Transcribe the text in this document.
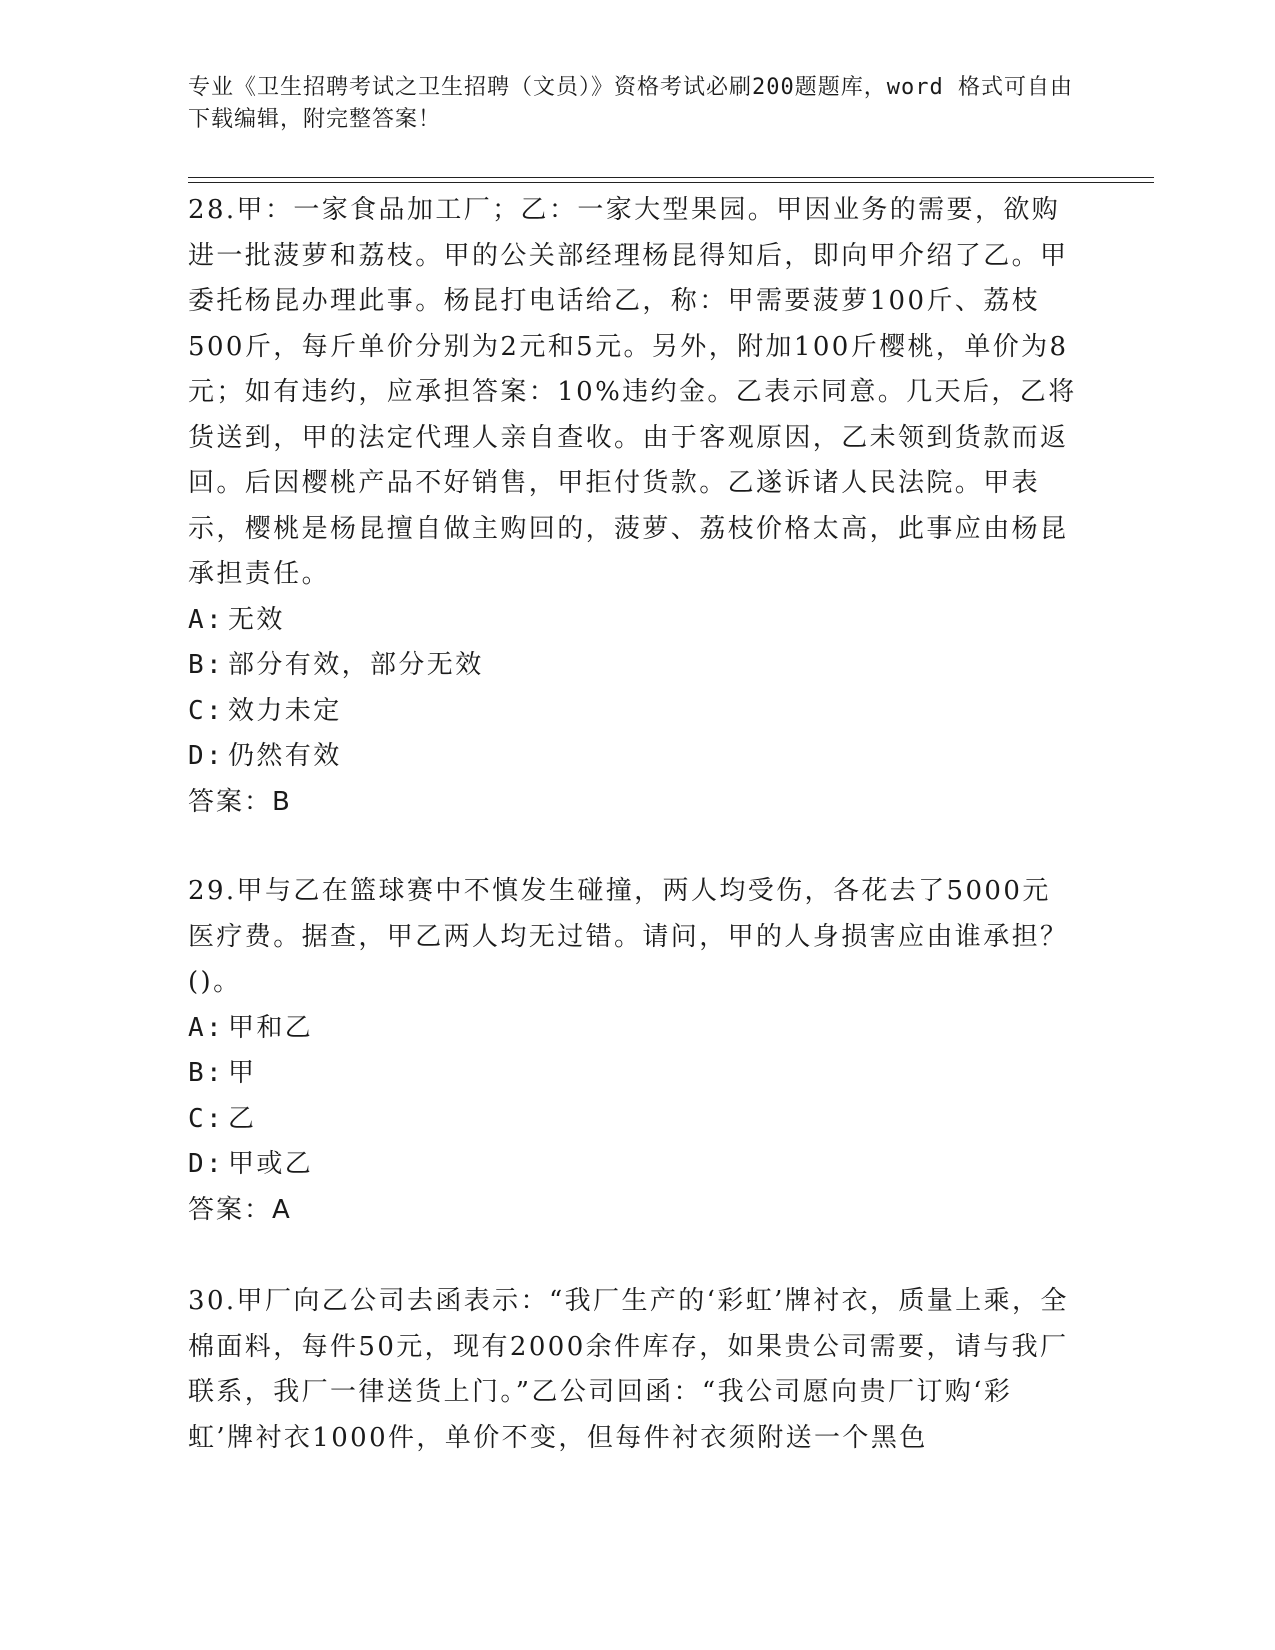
专业《卫生招聘考试之卫生招聘（文员）》资格考试必刷200题题库，word 格式可自由下载编辑，附完整答案！

28.甲：一家食品加工厂；乙：一家大型果园。甲因业务的需要，欲购进一批菠萝和荔枝。甲的公关部经理杨昆得知后，即向甲介绍了乙。甲委托杨昆办理此事。杨昆打电话给乙，称：甲需要菠萝100斤、荔枝500斤，每斤单价分别为2元和5元。另外，附加100斤樱桃，单价为8元；如有违约，应承担答案：10%违约金。乙表示同意。几天后，乙将货送到，甲的法定代理人亲自查收。由于客观原因，乙未领到货款而返回。后因樱桃产品不好销售，甲拒付货款。乙遂诉诸人民法院。甲表示，樱桃是杨昆擅自做主购回的，菠萝、荔枝价格太高，此事应由杨昆承担责任。

A: 无效

B: 部分有效，部分无效

C: 效力未定

D: 仍然有效

答案：B

29.甲与乙在篮球赛中不慎发生碰撞，两人均受伤，各花去了5000元医疗费。据查，甲乙两人均无过错。请问，甲的人身损害应由谁承担？()。

A: 甲和乙

B: 甲

C: 乙

D: 甲或乙

答案：A

30.甲厂向乙公司去函表示：“我厂生产的‘彩虹’牌衬衣，质量上乘，全棉面料，每件50元，现有2000余件库存，如果贵公司需要，请与我厂联系，我厂一律送货上门。”乙公司回函：“我公司愿向贵厂订购‘彩虹’牌衬衣1000件，单价不变，但每件衬衣须附送一个黑色
